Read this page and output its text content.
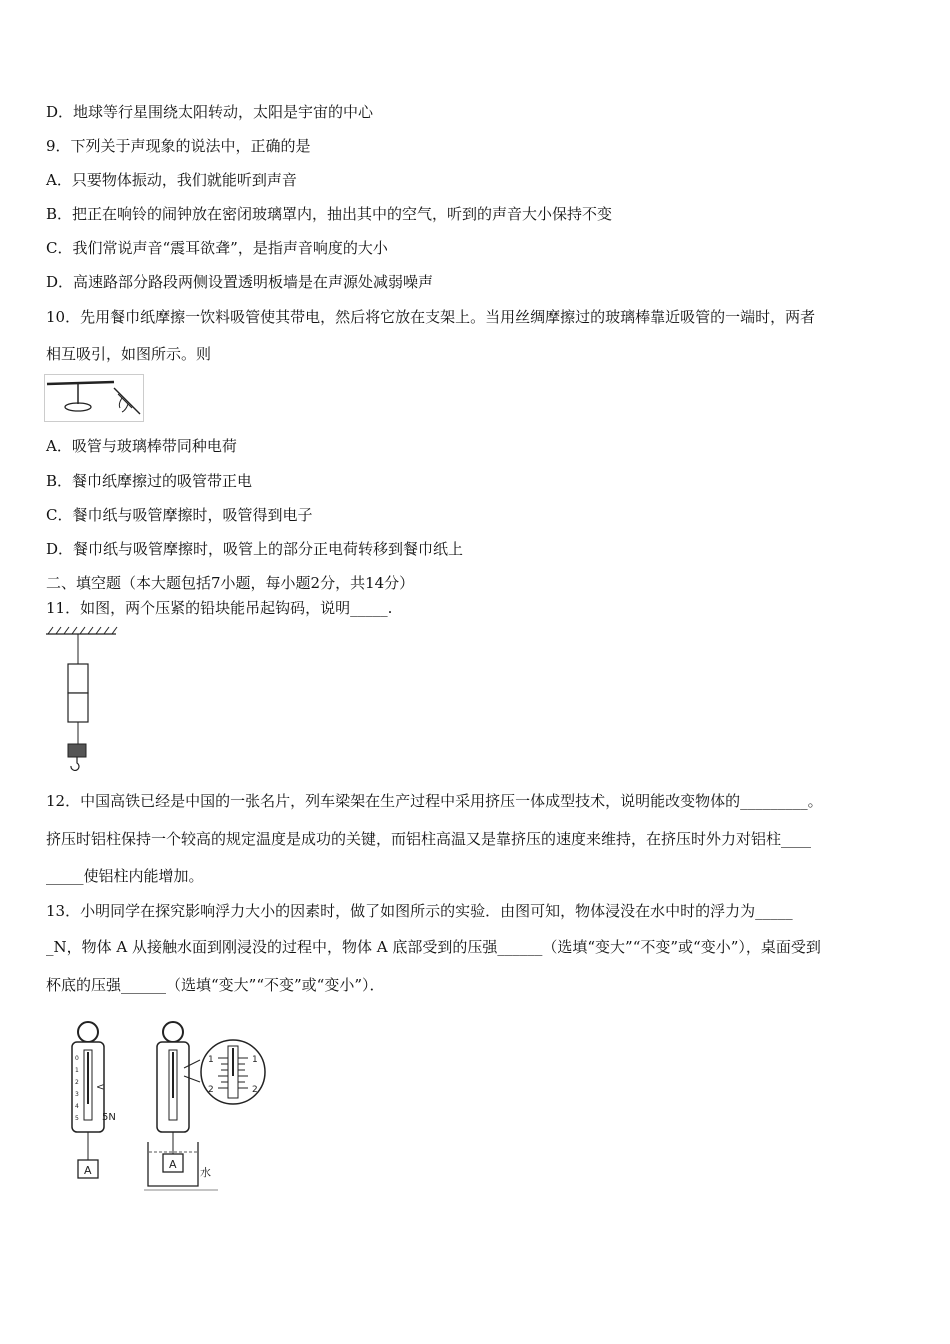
D．地球等行星围绕太阳转动，太阳是宇宙的中心
9．下列关于声现象的说法中，正确的是
A．只要物体振动，我们就能听到声音
B．把正在响铃的闹钟放在密闭玻璃罩内，抽出其中的空气，听到的声音大小保持不变
C．我们常说声音“震耳欲聋”，是指声音响度的大小
D．高速路部分路段两侧设置透明板墙是在声源处减弱噪声
10．先用餐巾纸摩擦一饮料吸管使其带电，然后将它放在支架上。当用丝绸摩擦过的玻璃棒靠近吸管的一端时，两者
相互吸引，如图所示。则
A．吸管与玻璃棒带同种电荷
B．餐巾纸摩擦过的吸管带正电
C．餐巾纸与吸管摩擦时，吸管得到电子
D．餐巾纸与吸管摩擦时，吸管上的部分正电荷转移到餐巾纸上
二、填空题（本大题包括7小题，每小题2分，共14分）
11．如图，两个压紧的铅块能吊起钩码，说明_____.
12．中国高铁已经是中国的一张名片，列车梁架在生产过程中采用挤压一体成型技术，说明能改变物体的_________。
挤压时铝柱保持一个较高的规定温度是成功的关键，而铝柱高温又是靠挤压的速度来维持，在挤压时外力对铝柱____
_____使铝柱内能增加。
13．小明同学在探究影响浮力大小的因素时，做了如图所示的实验．由图可知，物体浸没在水中时的浮力为_____
_N，物体 A 从接触水面到刚浸没的过程中，物体 A 底部受到的压强______（选填“变大”“不变”或“变小”），桌面受到
杯底的压强______（选填“变大”“不变”或“变小”）．
<
0
1
2
3
4
5 5N
A	A
水
1
2
1
2
